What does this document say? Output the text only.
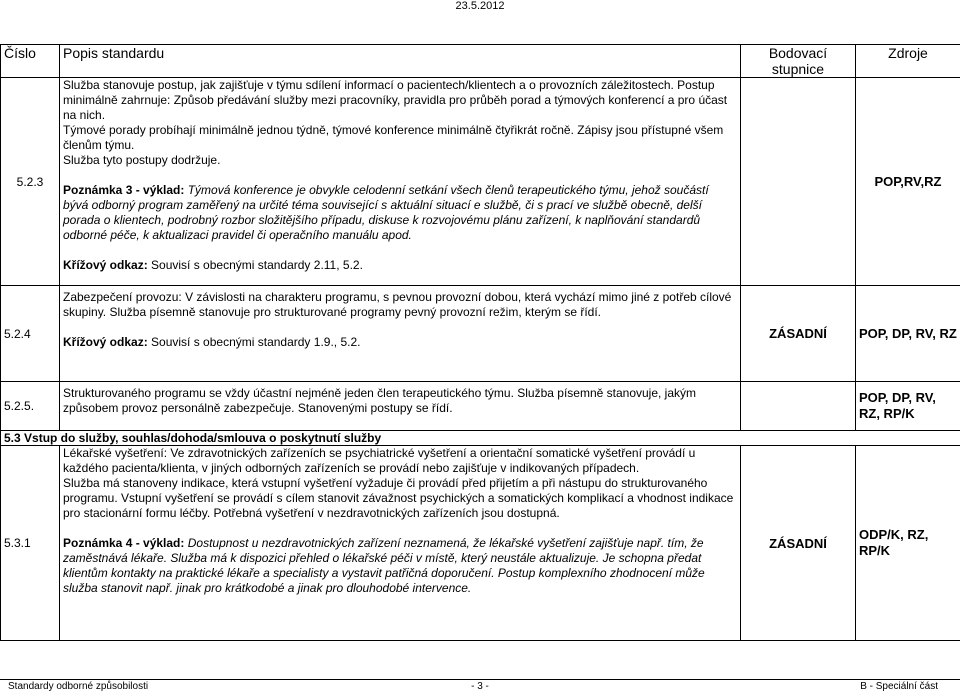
23.5.2012
Číslo	Popis standardu	Bodovací stupnice	Zdroje
5.2.3	Služba stanovuje postup, jak zajišťuje v týmu sdílení informací o pacientech/klientech a o provozních záležitostech. Postup minimálně zahrnuje: Způsob předávání služby mezi pracovníky, pravidla pro průběh porad a týmových konferencí a pro účast na nich.

Týmové porady probíhají minimálně jednou týdně, týmové konference minimálně čtyřikrát ročně. Zápisy jsou přístupné všem členům týmu.

Služba tyto postupy dodržuje.

Poznámka 3 - výklad: Týmová konference je obvykle celodenní setkání všech členů terapeutického týmu, jehož součástí bývá odborný program zaměřený na určité téma související s aktuální situací e službě, či s prací ve službě obecně, delší porada o klientech, podrobný rozbor složitějšího případu, diskuse k rozvojovému plánu zařízení, k naplňování standardů odborné péče, k aktualizaci pravidel či operačního manuálu apod.

Křížový odkaz: Souvisí s obecnými standardy 2.11, 5.2.		POP,RV,RZ
5.2.4	Zabezpečení provozu: V závislosti na charakteru programu, s pevnou provozní dobou, která vychází mimo jiné z potřeb cílové skupiny. Služba písemně stanovuje pro strukturované programy pevný provozní režim, kterým se řídí.

Křížový odkaz: Souvisí s obecnými standardy 1.9., 5.2.	ZÁSADNÍ	POP, DP, RV, RZ
5.2.5.	Strukturovaného programu se vždy účastní nejméně jeden člen terapeutického týmu. Služba písemně stanovuje, jakým způsobem provoz personálně zabezpečuje. Stanovenými postupy se řídí.		POP, DP, RV, RZ, RP/K
5.3 Vstup do služby, souhlas/dohoda/smlouva o poskytnutí služby			
5.3.1	Lékařské vyšetření: Ve zdravotnických zařízeních se psychiatrické vyšetření a orientační somatické vyšetření provádí u každého pacienta/klienta, v jiných odborných zařízeních se provádí nebo zajišťuje v indikovaných případech.

Služba má stanoveny indikace, která vstupní vyšetření vyžaduje či provádí před přijetím a při nástupu do strukturovaného programu. Vstupní vyšetření se provádí s cílem stanovit závažnost psychických a somatických komplikací a vhodnost indikace pro stacionární formu léčby. Potřebná vyšetření v nezdravotnických zařízeních jsou dostupná.

Poznámka 4 - výklad: Dostupnost u nezdravotnických zařízení neznamená, že lékařské vyšetření zajišťuje např. tím, že zaměstnává lékaře. Služba má k dispozici přehled o lékařské péči v místě, který neustále aktualizuje. Je schopna předat klientům kontakty na praktické lékaře a specialisty a vystavit patřičná doporučení. Postup komplexního zhodnocení může služba stanovit např. jinak pro krátkodobé a jinak pro dlouhodobé intervence.	ZÁSADNÍ	ODP/K, RZ, RP/K
Standardy odborné způsobilosti	- 3 -	B - Speciální část
